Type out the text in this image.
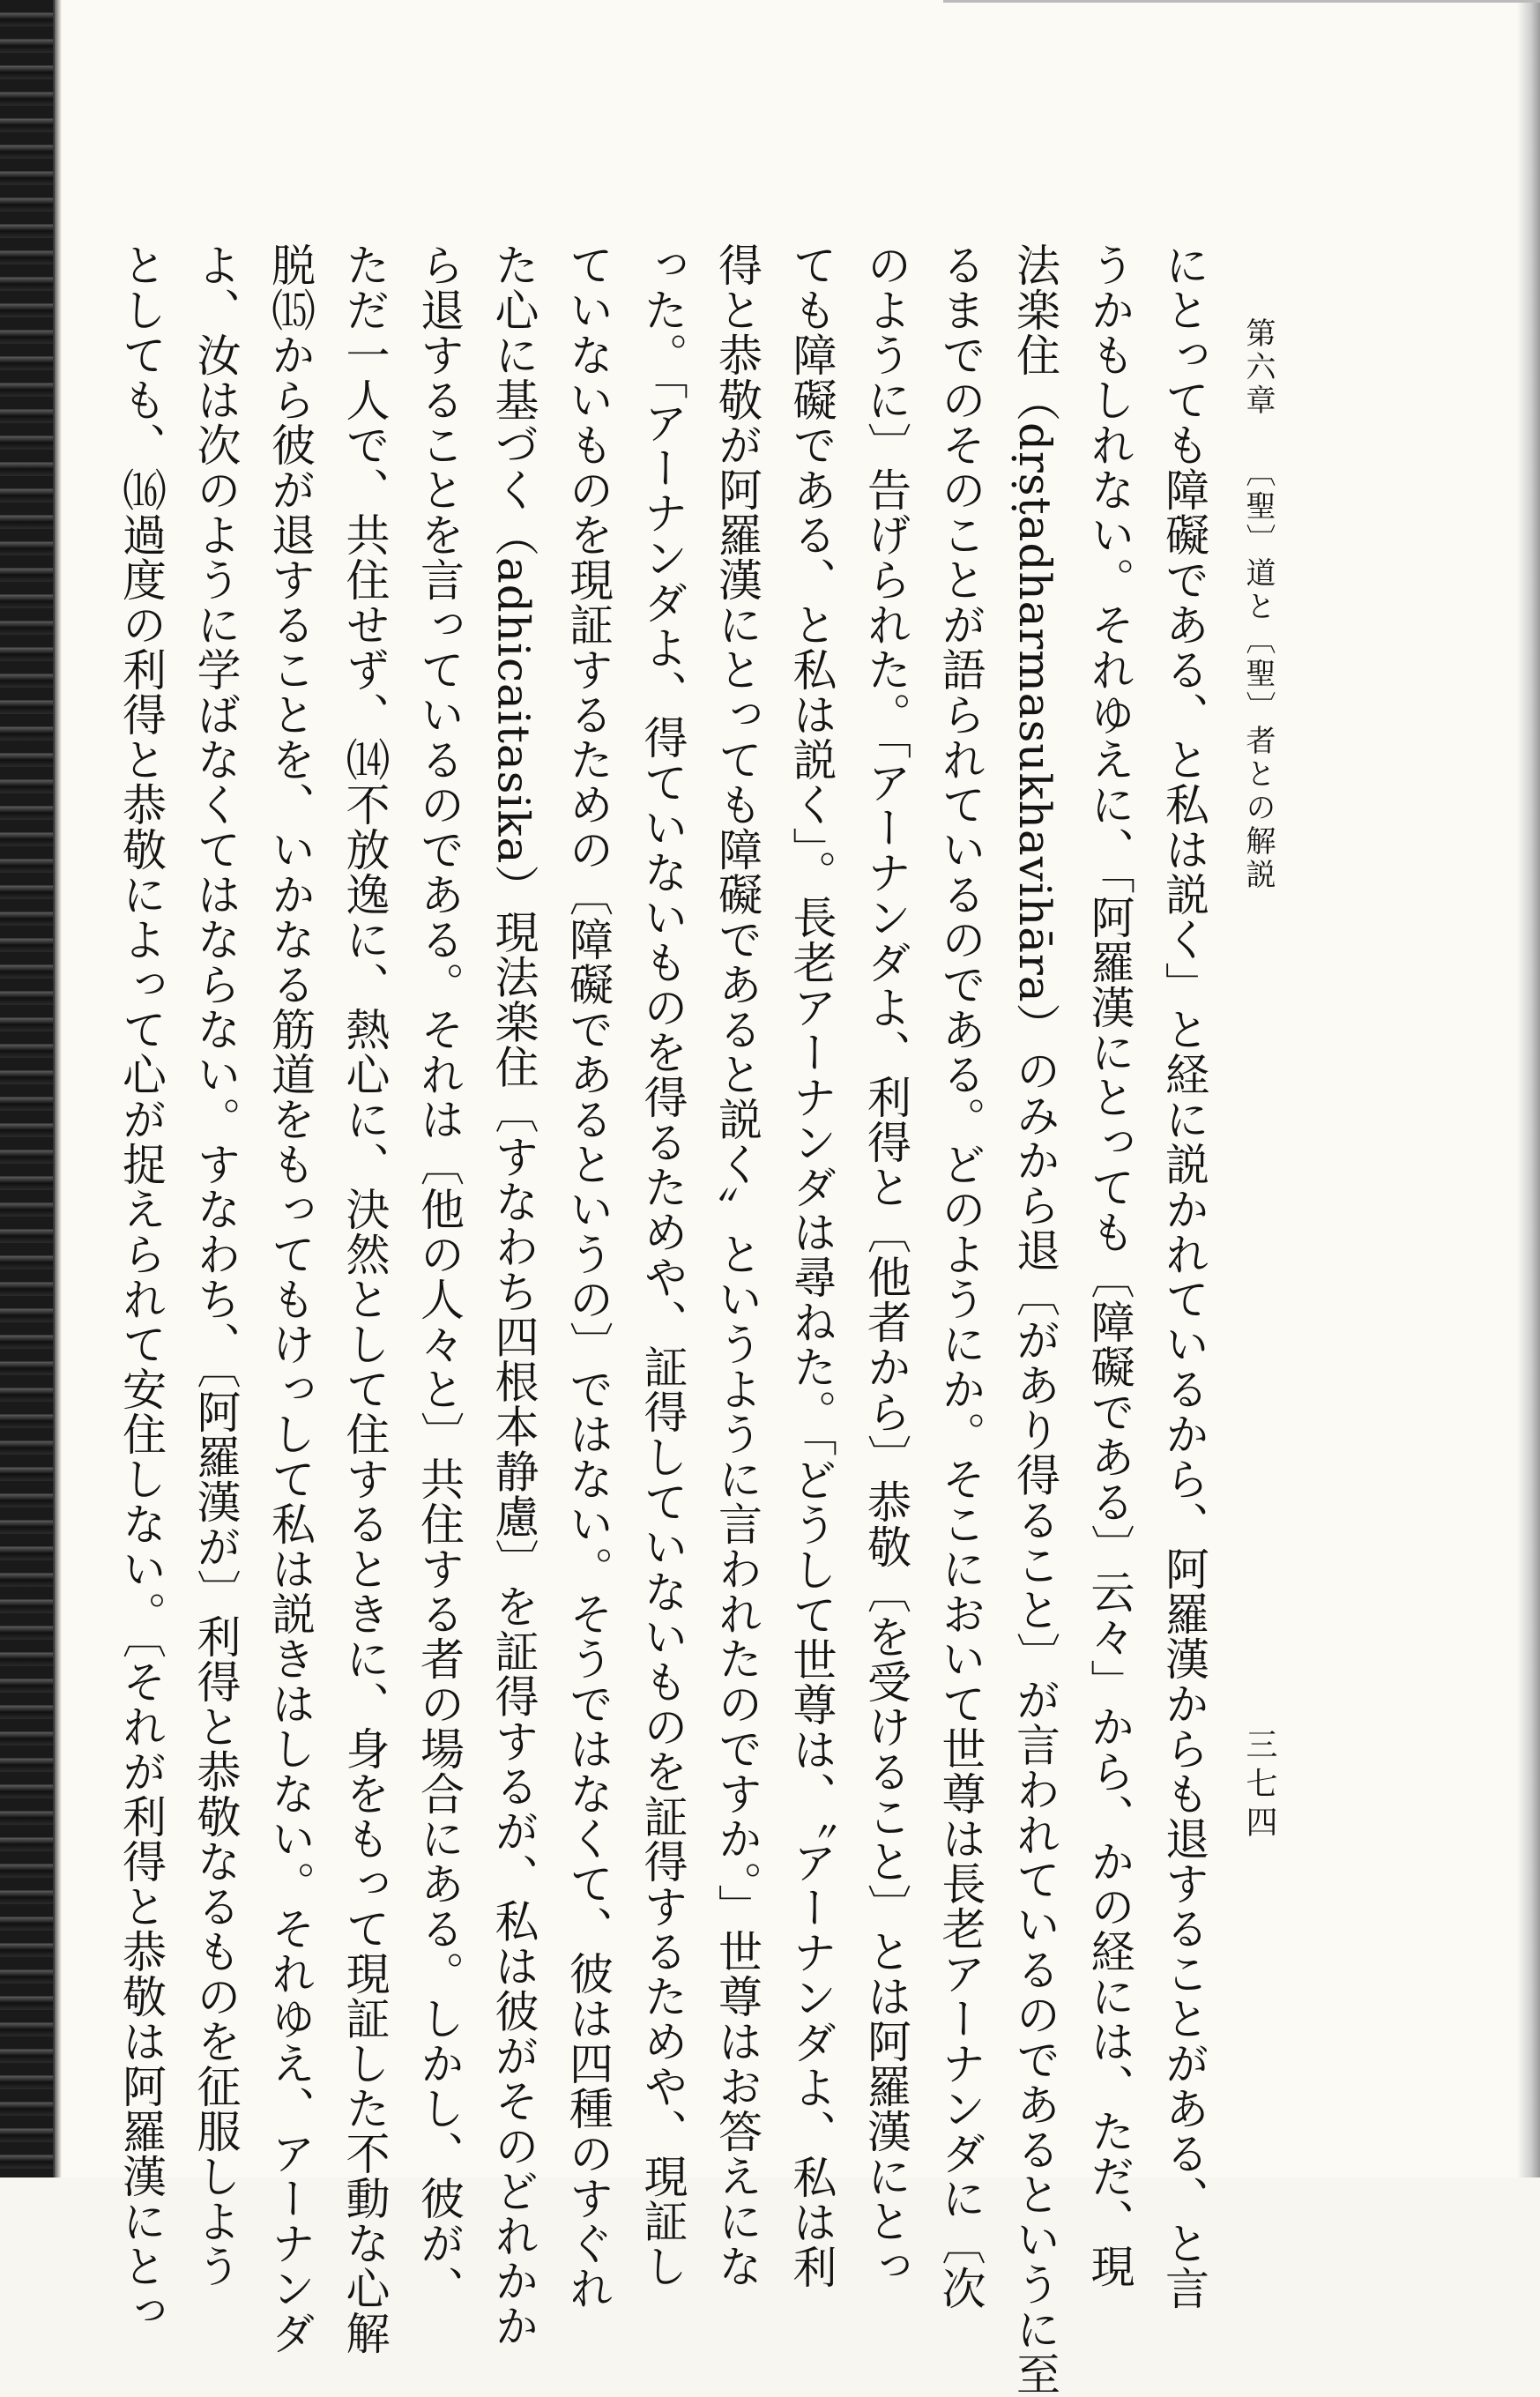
第六章 〔聖〕道と〔聖〕者との解説
三七四
にとっても障礙である、と私は説く」と経に説かれているから、阿羅漢からも退することがある、と言
うかもしれない。それゆえに、「阿羅漢にとっても〔障礙である〕云々」から、かの経には、ただ、現
法楽住（dṛṣṭadharmasukhavihāra）のみから退〔があり得ること〕が言われているのであるというに至
るまでのそのことが語られているのである。どのようにか。そこにおいて世尊は長老アーナンダに〔次
のように〕告げられた。「アーナンダよ、利得と〔他者から〕恭敬〔を受けること〕とは阿羅漢にとっ
ても障礙である、と私は説く」。長老アーナンダは尋ねた。「どうして世尊は、〝アーナンダよ、私は利
得と恭敬が阿羅漢にとっても障礙であると説く〟というように言われたのですか。」世尊はお答えにな
った。「アーナンダよ、得ていないものを得るためや、証得していないものを証得するためや、現証し
ていないものを現証するための〔障礙であるというの〕ではない。そうではなくて、彼は四種のすぐれ
た心に基づく（adhicaitasika）現法楽住〔すなわち四根本静慮〕を証得するが、私は彼がそのどれかか
ら退することを言っているのである。それは〔他の人々と〕共住する者の場合にある。しかし、彼が、
ただ一人で、共住せず、⒁不放逸に、熱心に、決然として住するときに、身をもって現証した不動な心解
脱⒂から彼が退することを、いかなる筋道をもってもけっして私は説きはしない。それゆえ、アーナンダ
よ、汝は次のように学ばなくてはならない。すなわち、〔阿羅漢が〕利得と恭敬なるものを征服しよう
としても、⒃過度の利得と恭敬によって心が捉えられて安住しない。〔それが利得と恭敬は阿羅漢にとっ
